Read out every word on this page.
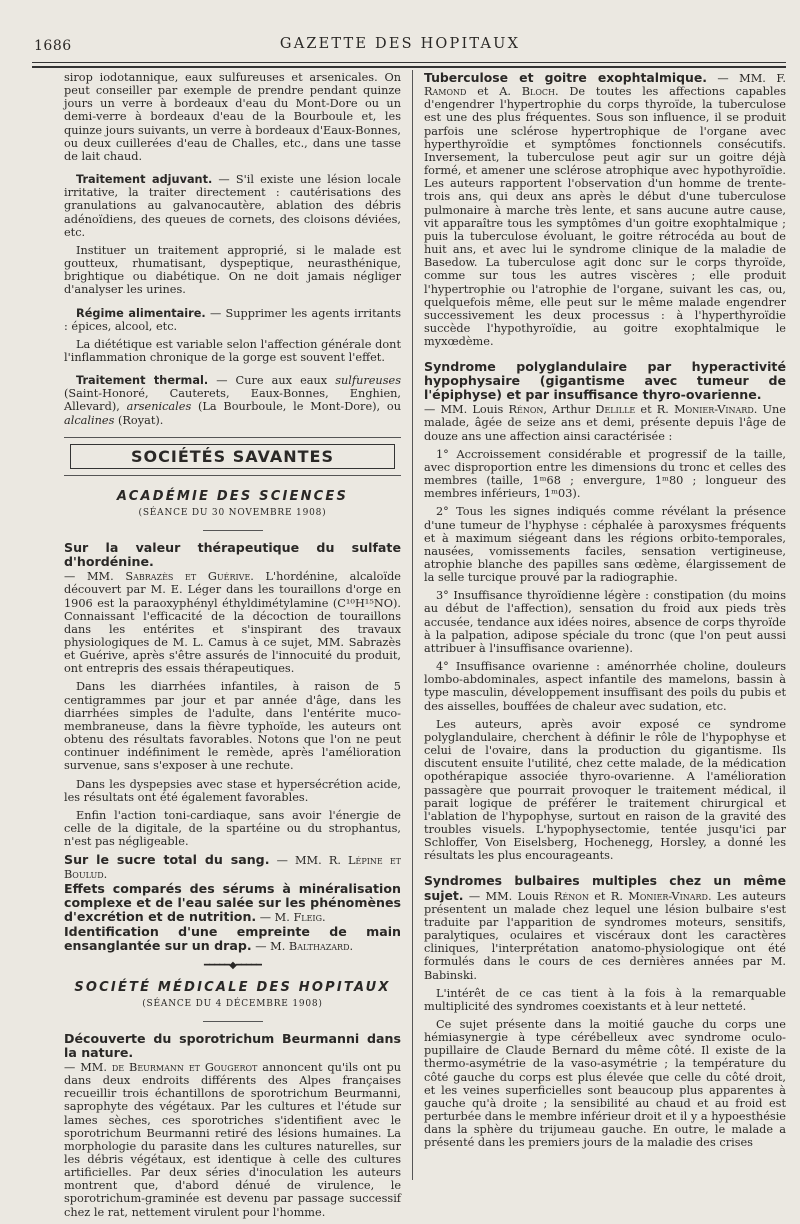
1686	GAZETTE DES HOPITAUX

sirop iodotannique, eaux sulfureuses et arsenicales. On peut conseiller par exemple de prendre pendant quinze jours un verre à bordeaux d'eau du Mont-Dore ou un demi-verre à bordeaux d'eau de la Bourboule et, les quinze jours suivants, un verre à bordeaux d'Eaux-Bonnes, ou deux cuillerées d'eau de Challes, etc., dans une tasse de lait chaud.

Traitement adjuvant. — S'il existe une lésion locale irritative, la traiter directement : cautérisations des granulations au galvanocautère, ablation des débris adénoïdiens, des queues de cornets, des cloisons déviées, etc.

Instituer un traitement approprié, si le malade est goutteux, rhumatisant, dyspeptique, neurasthénique, brightique ou diabétique. On ne doit jamais négliger d'analyser les urines.

Régime alimentaire. — Supprimer les agents irritants : épices, alcool, etc.

La diététique est variable selon l'affection générale dont l'inflammation chronique de la gorge est souvent l'effet.

Traitement thermal. — Cure aux eaux sulfureuses (Saint-Honoré, Cauterets, Eaux-Bonnes, Enghien, Allevard), arsenicales (La Bourboule, le Mont-Dore), ou alcalines (Royat).

SOCIÉTÉS SAVANTES
ACADÉMIE DES SCIENCES
(SÉANCE DU 30 NOVEMBRE 1908)
Sur la valeur thérapeutique du sulfate d'hordénine.

— MM. Sabrazès et Guérive. L'hordénine, alcaloïde découvert par M. E. Léger dans les touraillons d'orge en 1906 est la paraoxyphényl éthyldimétylamine (C¹⁰H¹⁵NO). Connaissant l'efficacité de la décoction de touraillons dans les entérites et s'inspirant des travaux physiologiques de M. L. Camus à ce sujet, MM. Sabrazès et Guérive, après s'être assurés de l'innocuité du produit, ont entrepris des essais thérapeutiques.

Dans les diarrhées infantiles, à raison de 5 centigrammes par jour et par année d'âge, dans les diarrhées simples de l'adulte, dans l'entérite muco-membraneuse, dans la fièvre typhoïde, les auteurs ont obtenu des résultats favorables. Notons que l'on ne peut continuer indéfiniment le remède, après l'amélioration survenue, sans s'exposer à une rechute.

Dans les dyspepsies avec stase et hypersécrétion acide, les résultats ont été également favorables.

Enfin l'action toni-cardiaque, sans avoir l'énergie de celle de la digitale, de la spartéine ou du strophantus, n'est pas négligeable.

Sur le sucre total du sang. — MM. R. Lépine et Boulud.
Effets comparés des sérums à minéralisation complexe et de l'eau salée sur les phénomènes d'excrétion et de nutrition. — M. Fleig.
Identification d'une empreinte de main ensanglantée sur un drap. — M. Balthazard.
━━━━━◆━━━━━
SOCIÉTÉ MÉDICALE DES HOPITAUX
(SÉANCE DU 4 DÉCEMBRE 1908)
Découverte du sporotrichum Beurmanni dans la nature.

— MM. de Beurmann et Gougerot annoncent qu'ils ont pu dans deux endroits différents des Alpes françaises recueillir trois échantillons de sporotrichum Beurmanni, saprophyte des végétaux. Par les cultures et l'étude sur lames sèches, ces sporotriches s'identifient avec le sporotrichum Beurmanni retiré des lésions humaines. La morphologie du parasite dans les cultures naturelles, sur les débris végétaux, est identique à celle des cultures artificielles. Par deux séries d'inoculation les auteurs montrent que, d'abord dénué de virulence, le sporotrichum-graminée est devenu par passage successif chez le rat, nettement virulent pour l'homme.

Tuberculose et goitre exophtalmique. — MM. F. Ramond et A. Bloch. De toutes les affections capables d'engendrer l'hypertrophie du corps thyroïde, la tuberculose est une des plus fréquentes. Sous son influence, il se produit parfois une sclérose hypertrophique de l'organe avec hyperthyroïdie et symptômes fonctionnels consécutifs. Inversement, la tuberculose peut agir sur un goitre déjà formé, et amener une sclérose atrophique avec hypothyroïdie. Les auteurs rapportent l'observation d'un homme de trente-trois ans, qui deux ans après le début d'une tuberculose pulmonaire à marche très lente, et sans aucune autre cause, vit apparaître tous les symptômes d'un goitre exophtalmique ; puis la tuberculose évoluant, le goitre rétrocéda au bout de huit ans, et avec lui le syndrome clinique de la maladie de Basedow. La tuberculose agit donc sur le corps thyroïde, comme sur tous les autres viscères ; elle produit l'hypertrophie ou l'atrophie de l'organe, suivant les cas, ou, quelquefois même, elle peut sur le même malade engendrer successivement les deux processus : à l'hyperthyroïdie succède l'hypothyroïdie, au goitre exophtalmique le myxœdème.

Syndrome polyglandulaire par hyperactivité hypophysaire (gigantisme avec tumeur de l'épiphyse) et par insuffisance thyro-ovarienne.

— MM. Louis Rénon, Arthur Delille et R. Monier-Vinard. Une malade, âgée de seize ans et demi, présente depuis l'âge de douze ans une affection ainsi caractérisée :

1° Accroissement considérable et progressif de la taille, avec disproportion entre les dimensions du tronc et celles des membres (taille, 1ᵐ68 ; envergure, 1ᵐ80 ; longueur des membres inférieurs, 1ᵐ03).

2° Tous les signes indiqués comme révélant la présence d'une tumeur de l'hyphyse : céphalée à paroxysmes fréquents et à maximum siégeant dans les régions orbito-temporales, nausées, vomissements faciles, sensation vertigineuse, atrophie blanche des papilles sans œdème, élargissement de la selle turcique prouvé par la radiographie.

3° Insuffisance thyroïdienne légère : constipation (du moins au début de l'affection), sensation du froid aux pieds très accusée, tendance aux idées noires, absence de corps thyroïde à la palpation, adipose spéciale du tronc (que l'on peut aussi attribuer à l'insuffisance ovarienne).

4° Insuffisance ovarienne : aménorrhée choline, douleurs lombo-abdominales, aspect infantile des mamelons, bassin à type masculin, développement insuffisant des poils du pubis et des aisselles, bouffées de chaleur avec sudation, etc.

Les auteurs, après avoir exposé ce syndrome polyglandulaire, cherchent à définir le rôle de l'hypophyse et celui de l'ovaire, dans la production du gigantisme. Ils discutent ensuite l'utilité, chez cette malade, de la médication opothérapique associée thyro-ovarienne. A l'amélioration passagère que pourrait provoquer le traitement médical, il parait logique de préférer le traitement chirurgical et l'ablation de l'hypophyse, surtout en raison de la gravité des troubles visuels. L'hypophysectomie, tentée jusqu'ici par Schloffer, Von Eiselsberg, Hochenegg, Horsley, a donné les résultats les plus encourageants.

Syndromes bulbaires multiples chez un même sujet. — MM. Louis Rénon et R. Monier-Vinard. Les auteurs présentent un malade chez lequel une lésion bulbaire s'est traduite par l'apparition de syndromes moteurs, sensitifs, paralytiques, oculaires et viscéraux dont les caractères cliniques, l'interprétation anatomo-physiologique ont été formulés dans le cours de ces dernières années par M. Babinski.

L'intérêt de ce cas tient à la fois à la remarquable multiplicité des syndromes coexistants et à leur netteté.

Ce sujet présente dans la moitié gauche du corps une hémiasynergie à type cérébelleux avec syndrome oculo-pupillaire de Claude Bernard du même côté. Il existe de la thermo-asymétrie de la vaso-asymétrie ; la température du côté gauche du corps est plus élevée que celle du côté droit, et les veines superficielles sont beaucoup plus apparentes à gauche qu'à droite ; la sensibilité au chaud et au froid est perturbée dans le membre inférieur droit et il y a hypoesthésie dans la sphère du trijumeau gauche. En outre, le malade a présenté dans les premiers jours de la maladie des crises
